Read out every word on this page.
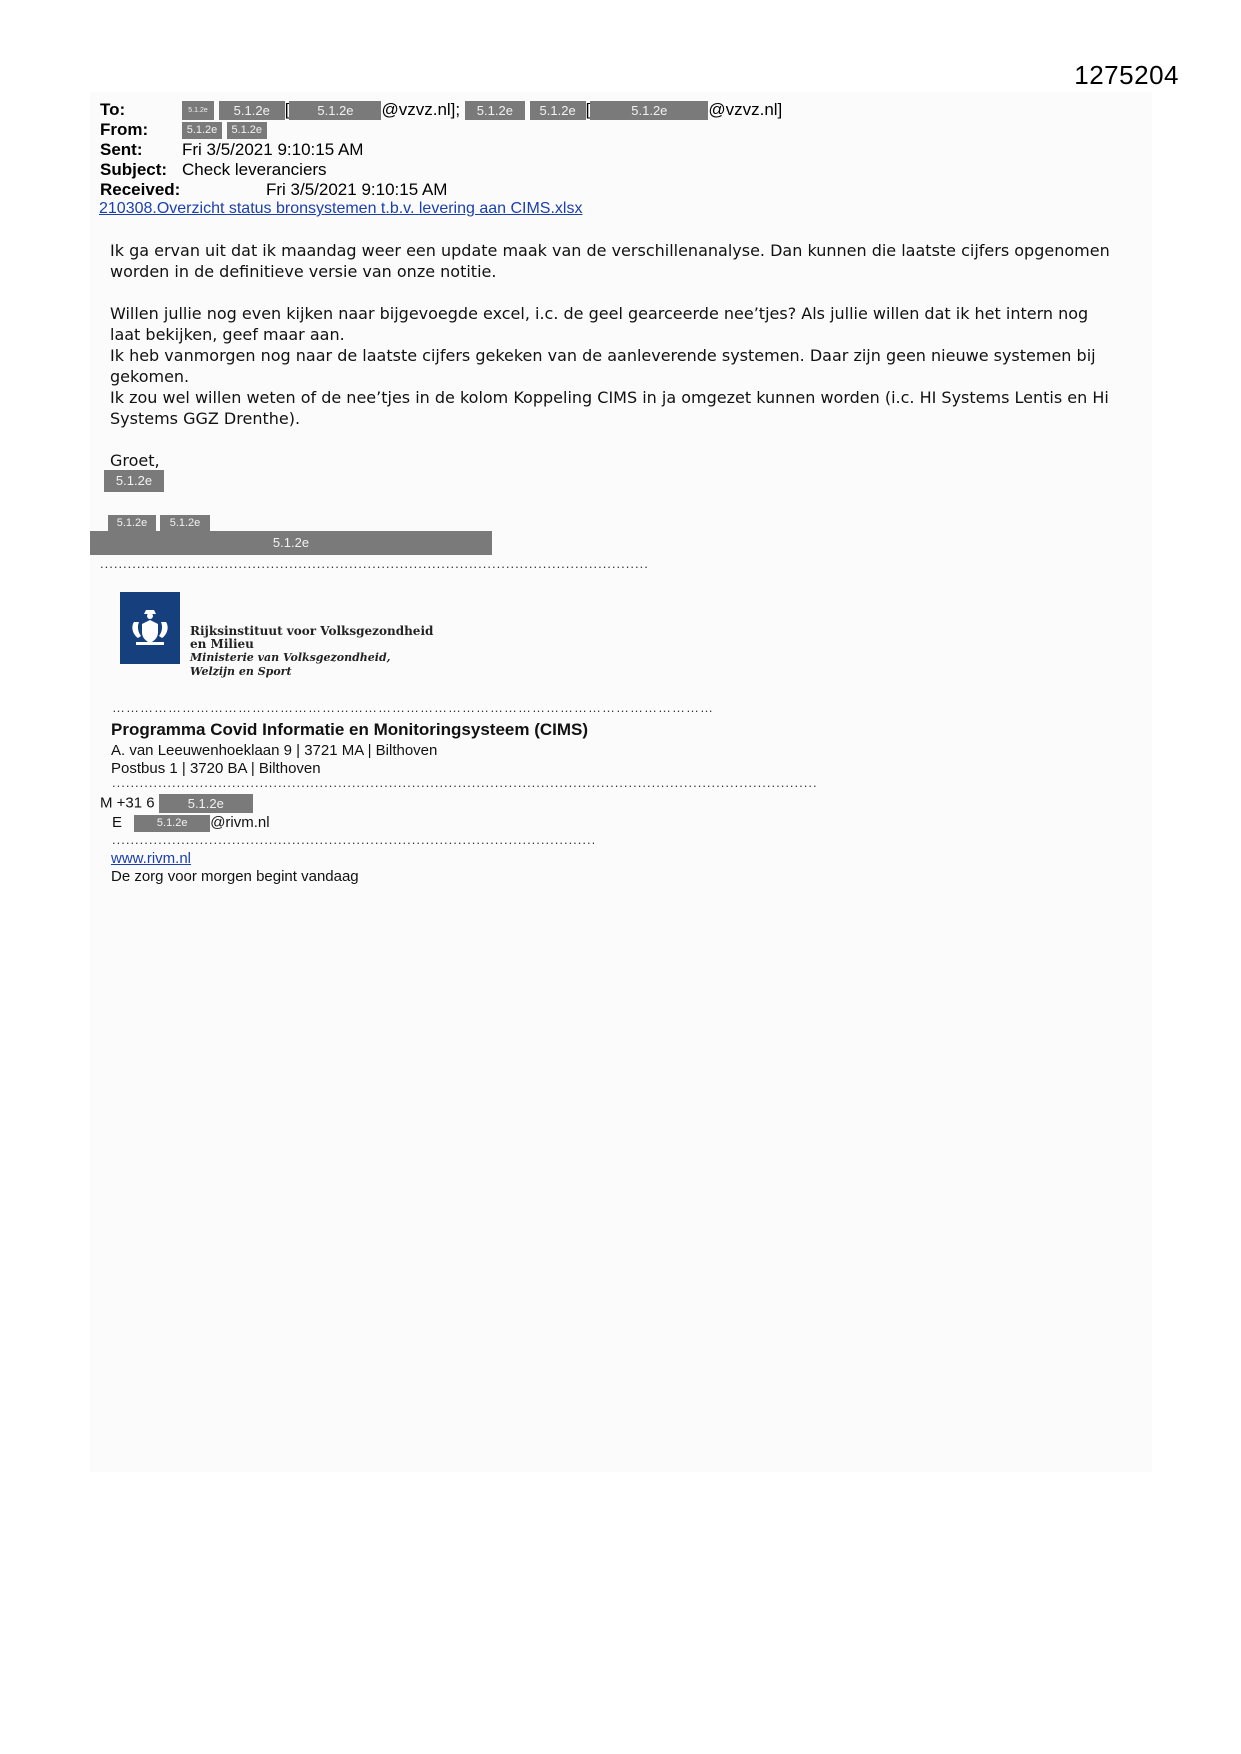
1275204
To:	5.1.2e 5.1.2e [ 5.1.2e @vzvz.nl]; 5.1.2e 5.1.2e [	5.1.2e @vzvz.nl]
From:	5.1.2e 5.1.2e
Sent: Fri 3/5/2021 9:10:15 AM
Subject: Check leveranciers
Received:	Fri 3/5/2021 9:10:15 AM
210308.Overzicht status bronsystemen t.b.v. levering aan CIMS.xlsx

Ik ga ervan uit dat ik maandag weer een update maak van de verschillenanalyse. Dan kunnen die laatste cijfers opgenomen worden in de definitieve versie van onze notitie.

Willen jullie nog even kijken naar bijgevoegde excel, i.c. de geel gearceerde nee’tjes? Als jullie willen dat ik het intern nog laat bekijken, geef maar aan.

Ik heb vanmorgen nog naar de laatste cijfers gekeken van de aanleverende systemen. Daar zijn geen nieuwe systemen bij gekomen.

Ik zou wel willen weten of de nee’tjes in de kolom Koppeling CIMS in ja omgezet kunnen worden (i.c. HI Systems Lentis en Hi Systems GGZ Drenthe).

Groet,

5.1.2e
5.1.2e	5.1.2e
5.1.2e
.......................................................................................................................
Rijksinstituut voor Volksgezondheid
en Milieu
Ministerie van Volksgezondheid,
Welzijn en Sport
…………………………………………………………………………………………………………………
Programma Covid Informatie en Monitoringsysteem (CIMS)
A. van Leeuwenhoeklaan 9 | 3721 MA | Bilthoven
Postbus 1 | 3720 BA | Bilthoven
.........................................................................................................................................................
M +31 6	5.1.2e
E	5.1.2e @rivm.nl
.........................................................................................................
www.rivm.nl
De zorg voor morgen begint vandaag
